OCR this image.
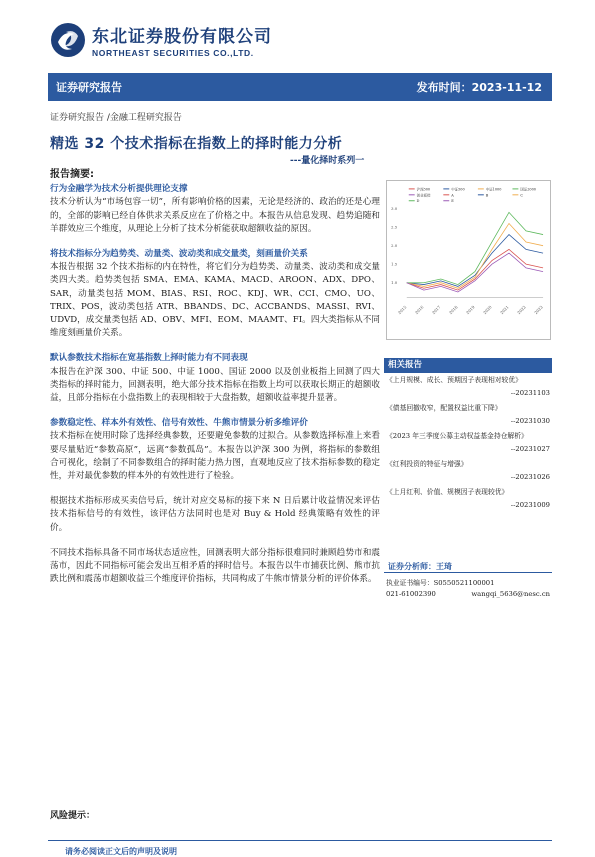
东北证券股份有限公司
NORTHEAST SECURITIES CO.,LTD.
证券研究报告	发布时间：2023-11-12
证券研究报告 /金融工程研究报告
精选 32 个技术指标在指数上的择时能力分析
---量化择时系列一
报告摘要:
行为金融学为技术分析提供理论支撑
技术分析认为“市场包容一切”，所有影响价格的因素，无论是经济的、政治的还是心理的，全部的影响已经自体供求关系反应在了价格之中。本报告从信息发现、趋势追随和羊群效应三个维度，从理论上分析了技术分析能获取超额收益的原因。
将技术指标分为趋势类、动量类、波动类和成交量类，刻画量价关系
本报告根据 32 个技术指标的内在特性，将它们分为趋势类、动量类、波动类和成交量类四大类。趋势类包括 SMA、EMA、KAMA、MACD、AROON、ADX、DPO、SAR，动量类包括 MOM、BIAS、RSI、ROC、KDJ、WR、CCI、CMO、UO、TRIX、POS，波动类包括 ATR、BBANDS、DC、ACCBANDS、MASSI、RVI、UDVD，成交量类包括 AD、OBV、MFI、EOM、MAAMT、FI。四大类指标从不同维度刻画量价关系。
默认参数技术指标在宽基指数上择时能力有不同表现
本报告在沪深 300、中证 500、中证 1000、国证 2000 以及创业板指上回测了四大类指标的择时能力，回测表明，绝大部分技术指标在指数上均可以获取长期正的超额收益，且部分指标在小盘指数上的表现相较于大盘指数，超额收益率提升显著。
参数稳定性、样本外有效性、信号有效性、牛熊市情景分析多维评价
技术指标在使用时除了选择经典参数，还要避免参数的过拟合。从参数选择标准上来看要尽量贴近“参数高原”，远离“参数孤岛”。本报告以沪深 300 为例，将指标的参数组合可视化，绘制了不同参数组合的择时能力热力图，直观地反应了技术指标参数的稳定性，并对最优参数的样本外的有效性进行了检验。
根据技术指标形成买卖信号后，统计对应交易标的接下来 N 日后累计收益情况来评估技术指标信号的有效性，该评估方法同时也是对 Buy & Hold 经典策略有效性的评价。
不同技术指标具备不同市场状态适应性，回测表明大部分指标很难同时兼顾趋势市和震荡市，因此不同指标可能会发出互相矛盾的择时信号。本报告以牛市捕获比例、熊市抗跌比例和震荡市超额收益三个维度评价指标，共同构成了牛熊市情景分析的评价体系。
沪深300	中证500	中证1000	国证2000
创业板指	A	B	C
D	E
1.0
1.5
2.0
2.5
3.0
2015 2016 2017 2018 2019 2020 2021 2022 2023
相关报告
《上月规模、成长、预期因子表现相对较优》
--20231103
《债基回撤收窄，配置权益比重下降》
--20231030
《2023 年三季度公募主动权益基金持仓解析》
--20231027
《红利投资的特征与增强》
--20231026
《上月红利、价值、规模因子表现较优》
--20231009
证券分析师：王琦
执业证书编号：S0550521100001
021-61002390	wangqi_5636@nesc.cn
风险提示：
请务必阅读正文后的声明及说明
